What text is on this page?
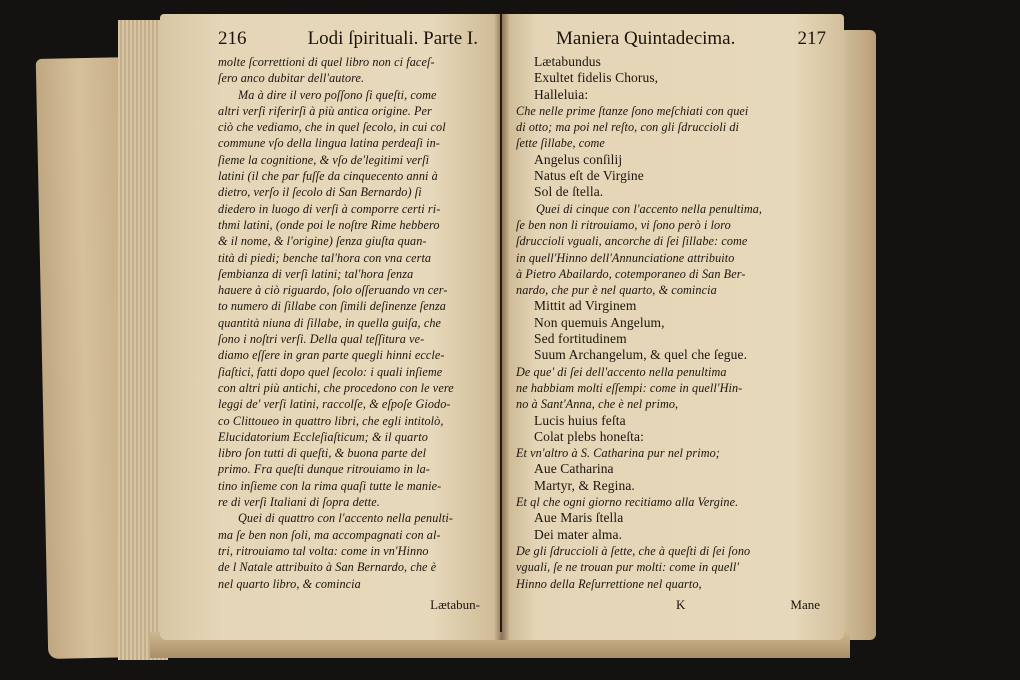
216	Lodi ſpirituali. Parte I.
molte ſcorrettioni di quel libro non ci faceſ-
ſero anco dubitar dell'autore.
Ma à dire il vero poſſono ſi queſti, come
altri verſi riferirſi à più antica origine. Per
ciò che vediamo, che in quel ſecolo, in cui col
commune vſo della lingua latina perdeaſi in-
ſieme la cognitione, & vſo de'legitimi verſi
latini (il che par fuſſe da cinquecento anni à
dietro, verſo il ſecolo di San Bernardo) ſi
diedero in luogo di verſi à comporre certi ri-
thmi latini, (onde poi le noſtre Rime hebbero
& il nome, & l'origine) ſenza giuſta quan-
tità di piedi; benche tal'hora con vna certa
ſembianza di verſi latini; tal'hora ſenza
hauere à ciò riguardo, ſolo oſſeruando vn cer-
to numero di ſillabe con ſimili deſinenze ſenza
quantità niuna di ſillabe, in quella guiſa, che
ſono i noſtri verſi. Della qual teſſitura ve-
diamo eſſere in gran parte quegli hinni eccle-
ſiaſtici, fatti dopo quel ſecolo: i quali inſieme
con altri più antichi, che procedono con le vere
leggi de' verſi latini, raccolſe, & eſpoſe Giodo-
co Clittoueo in quattro libri, che egli intitolò,
Elucidatorium Eccleſiaſticum; & il quarto
libro ſon tutti di queſti, & buona parte del
primo. Fra queſti dunque ritrouiamo in la-
tino inſieme con la rima quaſi tutte le manie-
re di verſi Italiani di ſopra dette.
Quei di quattro con l'accento nella penulti-
ma ſe ben non ſoli, ma accompagnati con al-
tri, ritrouiamo tal volta: come in vn'Hinno
de l Natale attribuito à San Bernardo, che è
nel quarto libro, & comincia
Lætabun-
Maniera Quintadecima.	217
Lætabundus
Exultet fidelis Chorus,
Halleluia:
Che nelle prime ſtanze ſono meſchiati con quei
di otto; ma poi nel reſto, con gli ſdruccioli di
ſette ſillabe, come
Angelus conſilij
Natus eſt de Virgine
Sol de ſtella.
Quei di cinque con l'accento nella penultima,
ſe ben non li ritrouiamo, vi ſono però i loro
ſdruccioli vguali, ancorche di ſei ſillabe: come
in quell'Hinno dell'Annunciatione attribuito
à Pietro Abailardo, cotemporaneo di San Ber-
nardo, che pur è nel quarto, & comincia
Mittit ad Virginem
Non quemuis Angelum,
Sed fortitudinem
Suum Archangelum, & quel che ſegue.
De que' di ſei dell'accento nella penultima
ne habbiam molti eſſempi: come in quell'Hin-
no à Sant'Anna, che è nel primo,
Lucis huius feſta
Colat plebs honeſta:
Et vn'altro à S. Catharina pur nel primo;
Aue Catharina
Martyr, & Regina.
Et ql che ogni giorno recitiamo alla Vergine.
Aue Maris ſtella
Dei mater alma.
De gli ſdruccioli à ſette, che à queſti di ſei ſono
vguali, ſe ne trouan pur molti: come in quell'
Hinno della Reſurrettione nel quarto,
K	Mane
